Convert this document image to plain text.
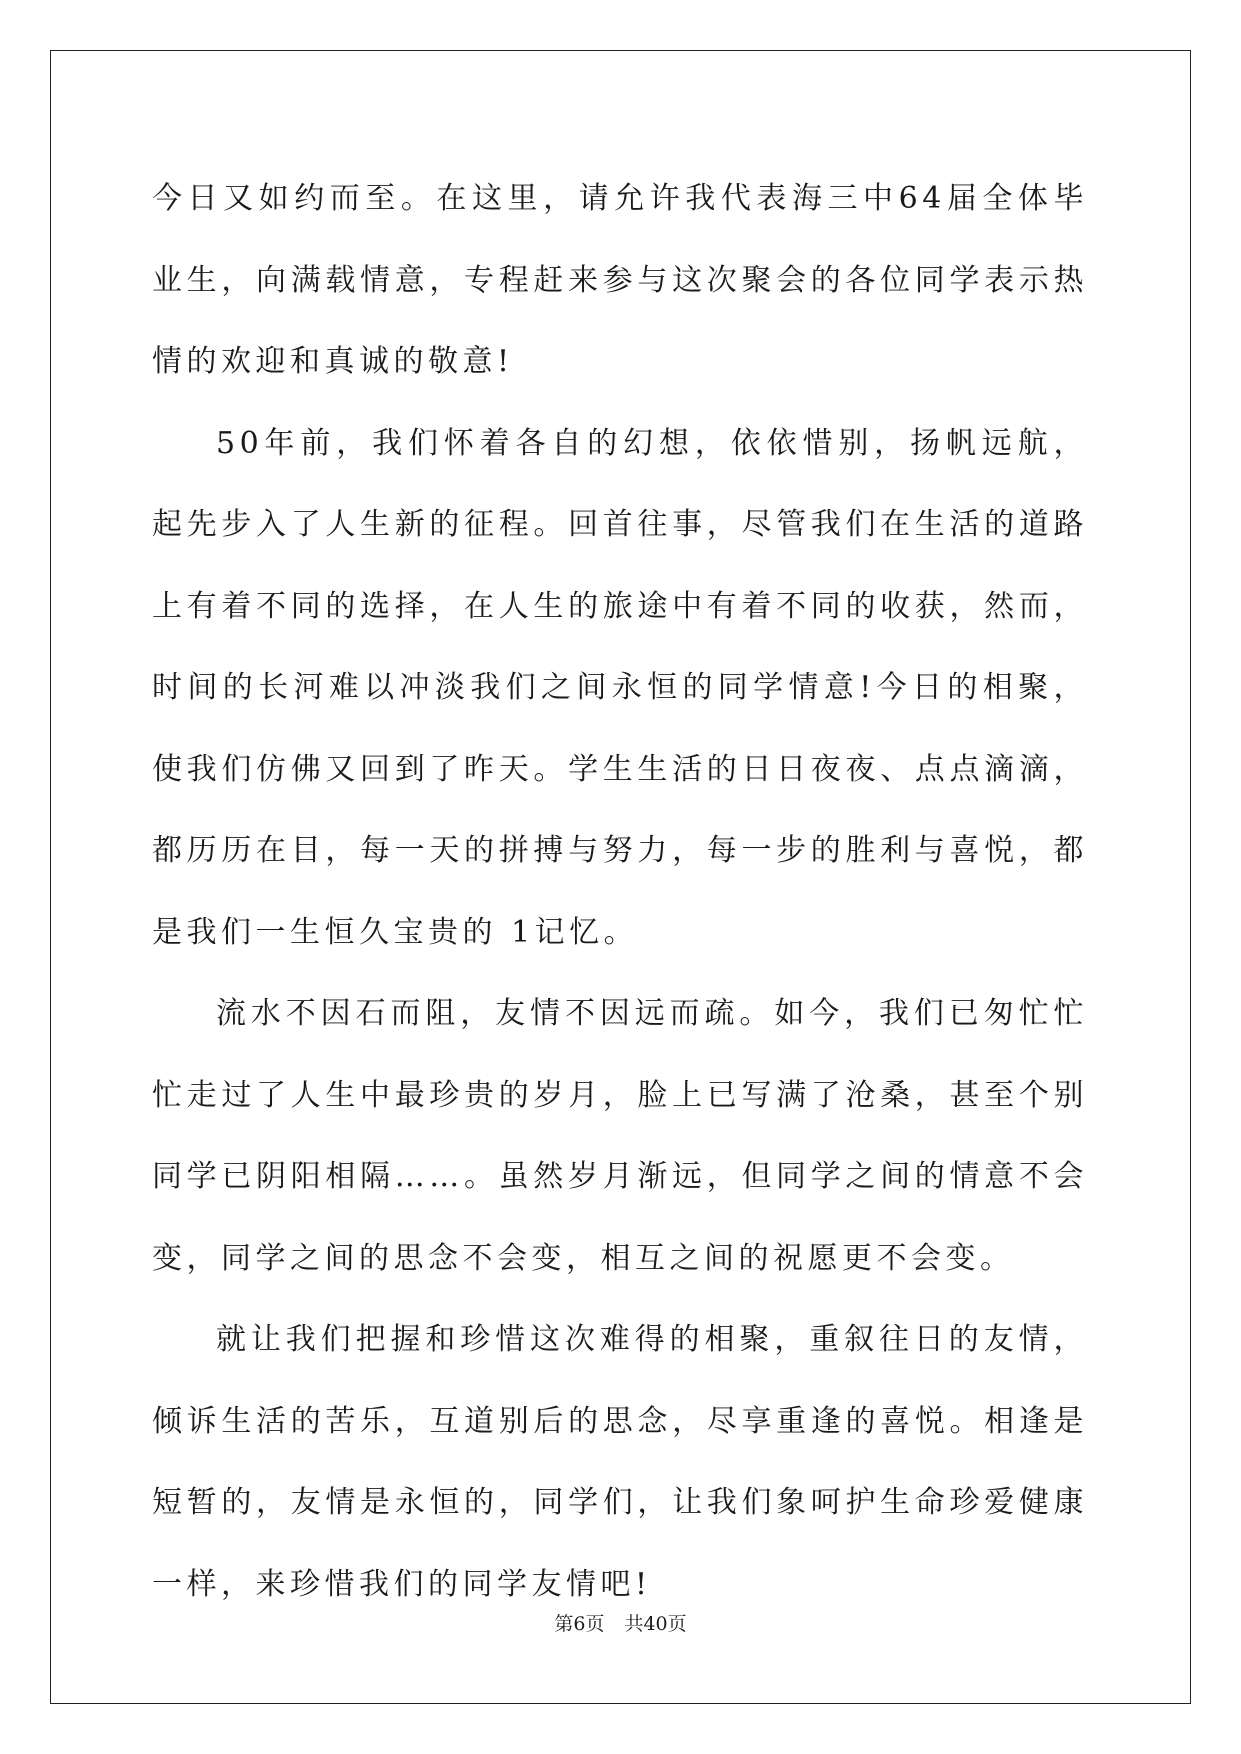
今日又如约而至。在这里，请允许我代表海三中64届全体毕业生，向满载情意，专程赶来参与这次聚会的各位同学表示热情的欢迎和真诚的敬意!

50年前，我们怀着各自的幻想，依依惜别，扬帆远航，起先步入了人生新的征程。回首往事，尽管我们在生活的道路上有着不同的选择，在人生的旅途中有着不同的收获，然而，时间的长河难以冲淡我们之间永恒的同学情意!今日的相聚，使我们仿佛又回到了昨天。学生生活的日日夜夜、点点滴滴，都历历在目，每一天的拼搏与努力，每一步的胜利与喜悦，都是我们一生恒久宝贵的 1记忆。

流水不因石而阻，友情不因远而疏。如今，我们已匆忙忙忙走过了人生中最珍贵的岁月，脸上已写满了沧桑，甚至个别同学已阴阳相隔……。虽然岁月渐远，但同学之间的情意不会变，同学之间的思念不会变，相互之间的祝愿更不会变。

就让我们把握和珍惜这次难得的相聚，重叙往日的友情，倾诉生活的苦乐，互道别后的思念，尽享重逢的喜悦。相逢是短暂的，友情是永恒的，同学们，让我们象呵护生命珍爱健康一样，来珍惜我们的同学友情吧!

第6页 共40页
